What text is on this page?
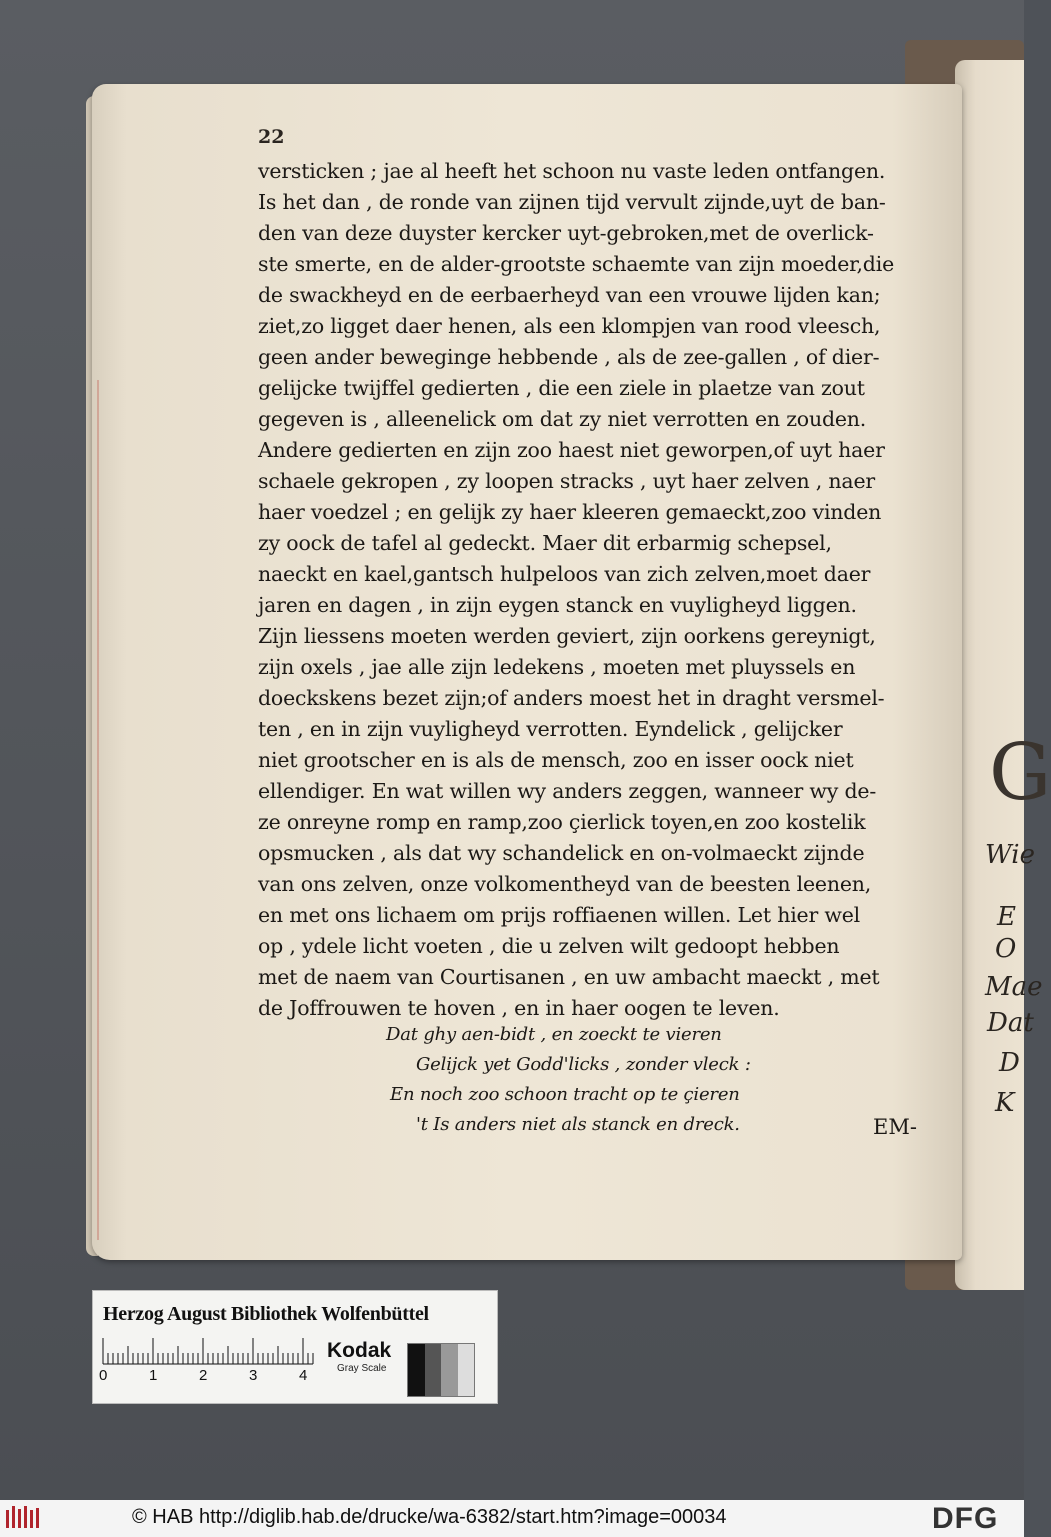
G
Wie
E
O
Mae
Dat
D
K
22
versticken ; jae al heeft het schoon nu vaste leden ontfangen.
Is het dan , de ronde van zijnen tijd vervult zijnde,uyt de ban-
den van deze duyster kercker uyt-gebroken,met de overlick-
ste smerte, en de alder-grootste schaemte van zijn moeder,die
de swackheyd en de eerbaerheyd van een vrouwe lijden kan;
ziet,zo ligget daer henen, als een klompjen van rood vleesch,
geen ander beweginge hebbende , als de zee-gallen , of dier-
gelijcke twijffel gedierten , die een ziele in plaetze van zout
gegeven is , alleenelick om dat zy niet verrotten en zouden.
Andere gedierten en zijn zoo haest niet geworpen,of uyt haer
schaele gekropen , zy loopen stracks , uyt haer zelven , naer
haer voedzel ; en gelijk zy haer kleeren gemaeckt,zoo vinden
zy oock de tafel al gedeckt. Maer dit erbarmig schepsel,
naeckt en kael,gantsch hulpeloos van zich zelven,moet daer
jaren en dagen , in zijn eygen stanck en vuyligheyd liggen.
Zijn liessens moeten werden geviert, zijn oorkens gereynigt,
zijn oxels , jae alle zijn ledekens , moeten met pluyssels en
doeckskens bezet zijn;of anders moest het in draght versmel-
ten , en in zijn vuyligheyd verrotten. Eyndelick , gelijcker
niet grootscher en is als de mensch, zoo en isser oock niet
ellendiger. En wat willen wy anders zeggen, wanneer wy de-
ze onreyne romp en ramp,zoo çierlick toyen,en zoo kostelik
opsmucken , als dat wy schandelick en on-volmaeckt zijnde
van ons zelven, onze volkomentheyd van de beesten leenen,
en met ons lichaem om prijs roffiaenen willen. Let hier wel
op , ydele licht voeten , die u zelven wilt gedoopt hebben
met de naem van Courtisanen , en uw ambacht maeckt , met
de Joffrouwen te hoven , en in haer oogen te leven.
Dat ghy aen-bidt , en zoeckt te vieren
Gelijck yet Godd'licks , zonder vleck :
En noch zoo schoon tracht op te çieren
't Is anders niet als stanck en dreck.	EM-
Herzog August Bibliothek Wolfenbüttel
0	1	2	3	4
Kodak
Gray Scale
© HAB http://diglib.hab.de/drucke/wa-6382/start.htm?image=00034	DFG
